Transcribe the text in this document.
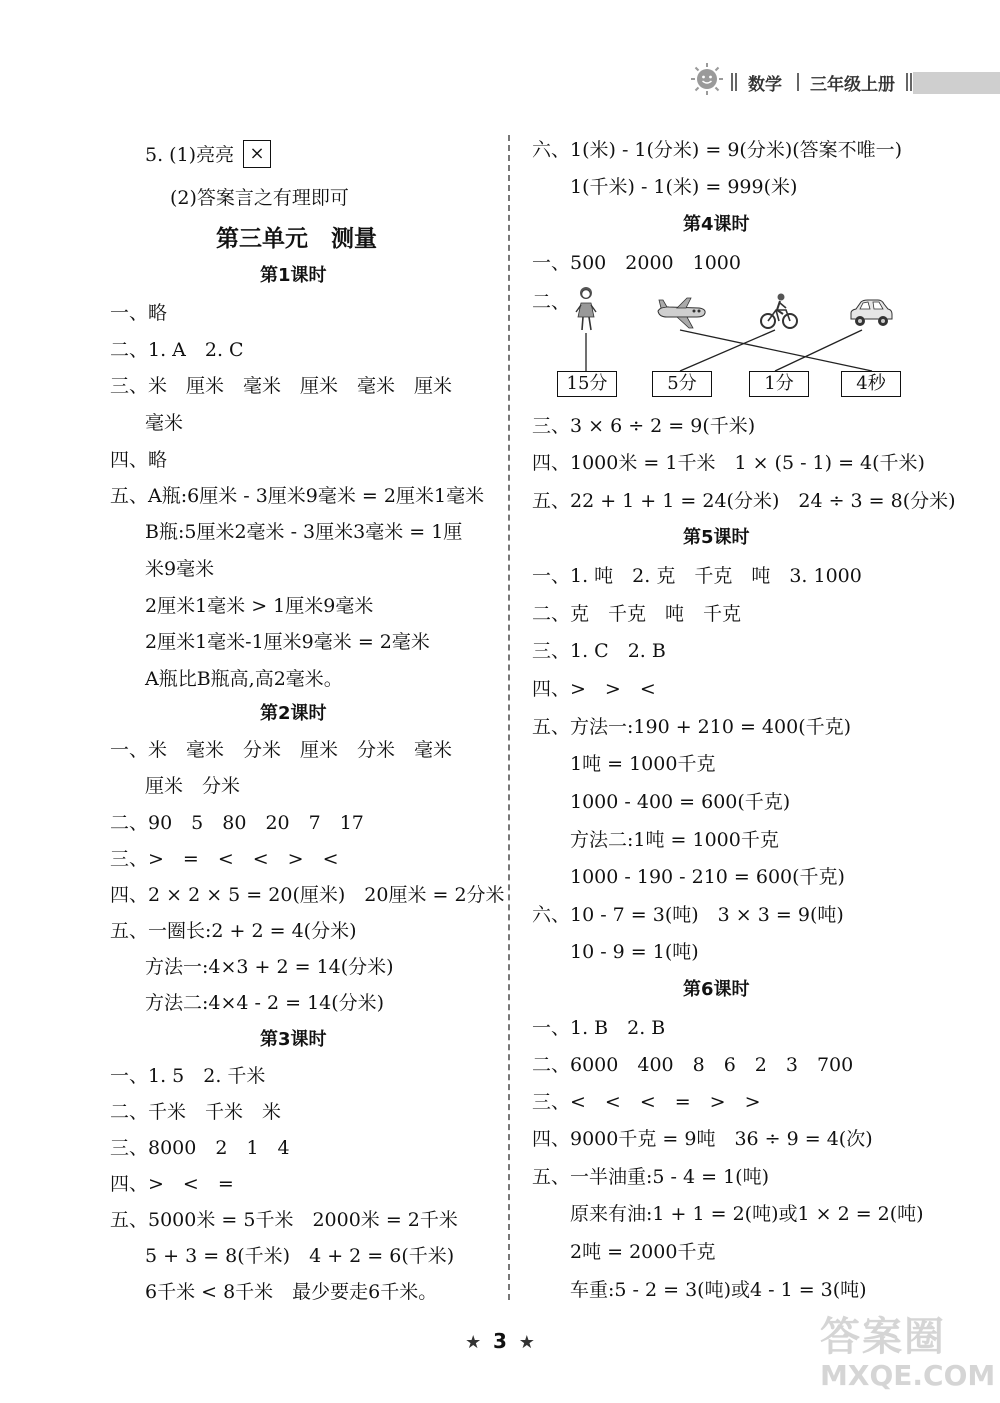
数学 三年级上册
5. (1)亮亮 ×
(2)答案言之有理即可
第三单元　测量
第1课时
一、略
二、1. A　2. C
三、米　厘米　毫米　厘米　毫米　厘米
毫米
四、略
五、A瓶:6厘米 - 3厘米9毫米 = 2厘米1毫米
B瓶:5厘米2毫米 - 3厘米3毫米 = 1厘
米9毫米
2厘米1毫米 > 1厘米9毫米
2厘米1毫米-1厘米9毫米 = 2毫米
A瓶比B瓶高,高2毫米。
第2课时
一、米　毫米　分米　厘米　分米　毫米
厘米　分米
二、90　5　80　20　7　17
三、>　=　<　<　>　<
四、2 × 2 × 5 = 20(厘米)　20厘米 = 2分米
五、一圈长:2 + 2 = 4(分米)
方法一:4×3 + 2 = 14(分米)
方法二:4×4 - 2 = 14(分米)
第3课时
一、1. 5　2. 千米
二、千米　千米　米
三、8000　2　1　4
四、>　<　=
五、5000米 = 5千米　2000米 = 2千米
5 + 3 = 8(千米)　4 + 2 = 6(千米)
6千米 < 8千米　最少要走6千米。
六、1(米) - 1(分米) = 9(分米)(答案不唯一)
1(千米) - 1(米) = 999(米)
第4课时
一、500　2000　1000
二、
15分	5分	1分	4秒
三、3 × 6 ÷ 2 = 9(千米)
四、1000米 = 1千米　1 × (5 - 1) = 4(千米)
五、22 + 1 + 1 = 24(分米)　24 ÷ 3 = 8(分米)
第5课时
一、1. 吨　2. 克　千克　吨　3. 1000
二、克　千克　吨　千克
三、1. C　2. B
四、>　>　<
五、方法一:190 + 210 = 400(千克)
1吨 = 1000千克
1000 - 400 = 600(千克)
方法二:1吨 = 1000千克
1000 - 190 - 210 = 600(千克)
六、10 - 7 = 3(吨)　3 × 3 = 9(吨)
10 - 9 = 1(吨)
第6课时
一、1. B　2. B
二、6000　400　8　6　2　3　700
三、<　<　<　=　>　>
四、9000千克 = 9吨　36 ÷ 9 = 4(次)
五、一半油重:5 - 4 = 1(吨)
原来有油:1 + 1 = 2(吨)或1 × 2 = 2(吨)
2吨 = 2000千克
车重:5 - 2 = 3(吨)或4 - 1 = 3(吨)
★ 3 ★	答案圈
MXQE.COM
